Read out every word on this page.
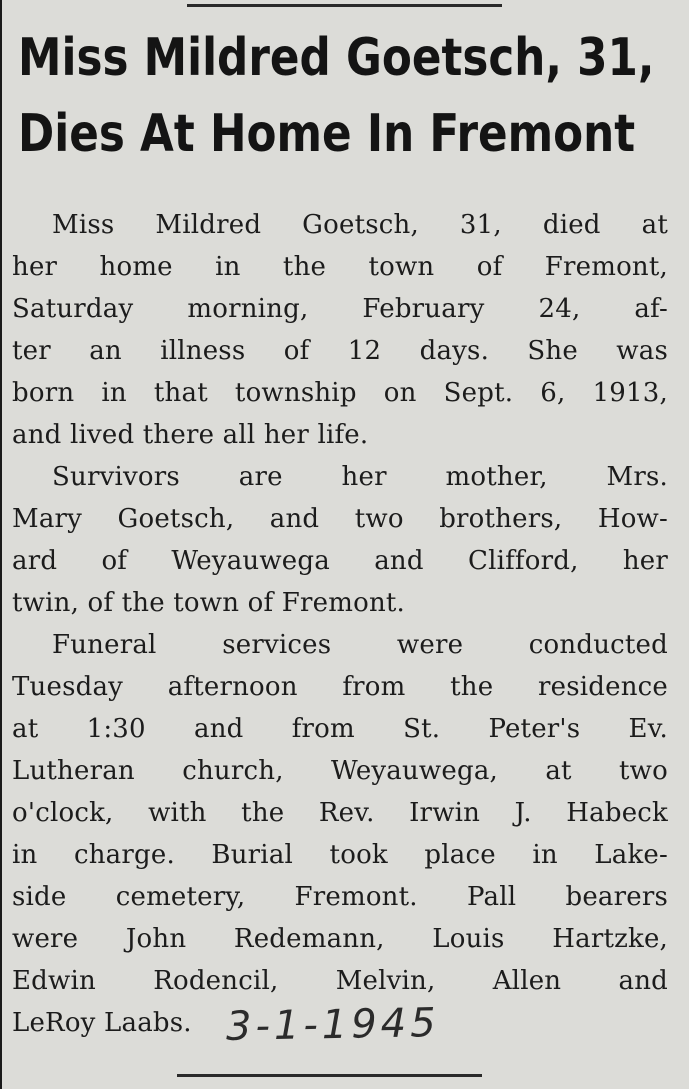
Miss Mildred Goetsch, 31,
Dies At Home In Fremont

Miss Mildred Goetsch, 31, died at
her home in the town of Fremont,
Saturday morning, February 24, af-
ter an illness of 12 days. She was
born in that township on Sept. 6, 1913,
and lived there all her life.

Survivors are her mother, Mrs.
Mary Goetsch, and two brothers, How-
ard of Weyauwega and Clifford, her
twin, of the town of Fremont.

Funeral services were conducted
Tuesday afternoon from the residence
at 1:30 and from St. Peter's Ev.
Lutheran church, Weyauwega, at two
o'clock, with the Rev. Irwin J. Habeck
in charge. Burial took place in Lake-
side cemetery, Fremont. Pall bearers
were John Redemann, Louis Hartzke,
Edwin Rodencil, Melvin, Allen and
LeRoy Laabs. 3-1-1945
